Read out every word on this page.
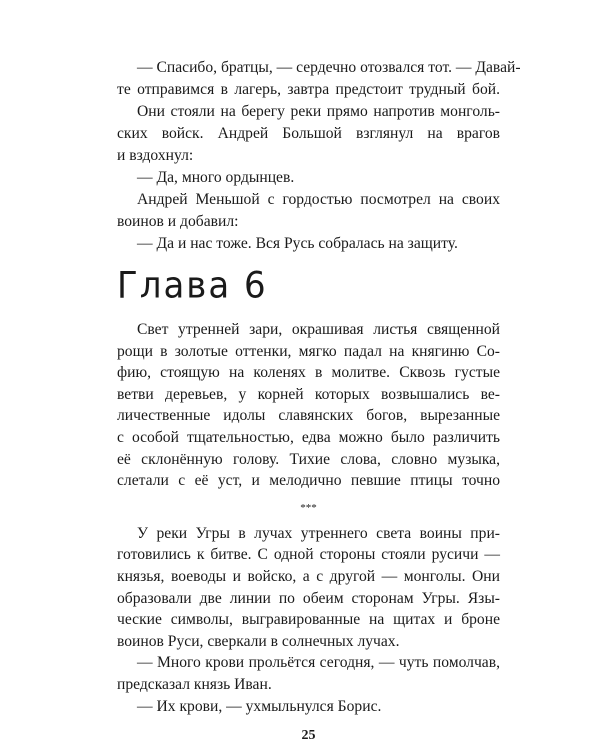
— Спасибо, братцы, — сердечно отозвался тот. — Давай-
те отправимся в лагерь, завтра предстоит трудный бой.
Они стояли на берегу реки прямо напротив монголь-
ских войск. Андрей Большой взглянул на врагов
и вздохнул:
— Да, много ордынцев.
Андрей Меньшой с гордостью посмотрел на своих
воинов и добавил:
— Да и нас тоже. Вся Русь собралась на защиту.
Глава 6
Свет утренней зари, окрашивая листья священной
рощи в золотые оттенки, мягко падал на княгиню Со-
фию, стоящую на коленях в молитве. Сквозь густые
ветви деревьев, у корней которых возвышались ве-
личественные идолы славянских богов, вырезанные
с особой тщательностью, едва можно было различить
её склонённую голову. Тихие слова, словно музыка,
слетали с её уст, и мелодично певшие птицы точно
***
У реки Угры в лучах утреннего света воины при-
готовились к битве. С одной стороны стояли русичи —
князья, воеводы и войско, а с другой — монголы. Они
образовали две линии по обеим сторонам Угры. Язы-
ческие символы, выгравированные на щитах и броне
воинов Руси, сверкали в солнечных лучах.
— Много крови прольётся сегодня, — чуть помолчав,
предсказал князь Иван.
— Их крови, — ухмыльнулся Борис.
25
